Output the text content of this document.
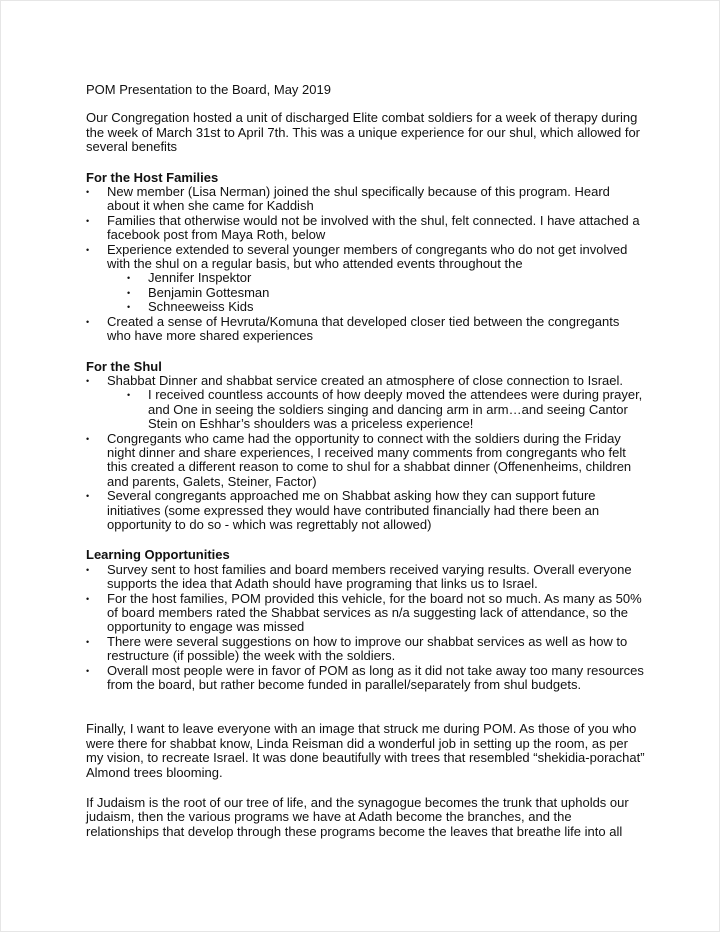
POM Presentation to the Board, May 2019

Our Congregation hosted a unit of discharged Elite combat soldiers for a week of therapy during the week of March 31st to April 7th. This was a unique experience for our shul, which allowed for several benefits

For the Host Families

• New member (Lisa Nerman) joined the shul specifically because of this program. Heard about it when she came for Kaddish
• Families that otherwise would not be involved with the shul, felt connected. I have attached a facebook post from Maya Roth, below
• Experience extended to several younger members of congregants who do not get involved with the shul on a regular basis, but who attended events throughout the
• Jennifer Inspektor
• Benjamin Gottesman
• Schneeweiss Kids
• Created a sense of Hevruta/Komuna that developed closer tied between the congregants who have more shared experiences

For the Shul

• Shabbat Dinner and shabbat service created an atmosphere of close connection to Israel.
• I received countless accounts of how deeply moved the attendees were during prayer, and One in seeing the soldiers singing and dancing arm in arm…and seeing Cantor Stein on Eshhar’s shoulders was a priceless experience!
• Congregants who came had the opportunity to connect with the soldiers during the Friday night dinner and share experiences, I received many comments from congregants who felt this created a different reason to come to shul for a shabbat dinner (Offenenheims, children and parents, Galets, Steiner, Factor)
• Several congregants approached me on Shabbat asking how they can support future initiatives (some expressed they would have contributed financially had there been an opportunity to do so - which was regrettably not allowed)

Learning Opportunities

• Survey sent to host families and board members received varying results. Overall everyone supports the idea that Adath should have programing that links us to Israel.
• For the host families, POM provided this vehicle, for the board not so much. As many as 50% of board members rated the Shabbat services as n/a suggesting lack of attendance, so the opportunity to engage was missed
• There were several suggestions on how to improve our shabbat services as well as how to restructure (if possible) the week with the soldiers.
• Overall most people were in favor of POM as long as it did not take away too many resources from the board, but rather become funded in parallel/separately from shul budgets.

Finally, I want to leave everyone with an image that struck me during POM. As those of you who were there for shabbat know, Linda Reisman did a wonderful job in setting up the room, as per my vision, to recreate Israel. It was done beautifully with trees that resembled “shekidia-porachat” Almond trees blooming.

If Judaism is the root of our tree of life, and the synagogue becomes the trunk that upholds our judaism, then the various programs we have at Adath become the branches, and the relationships that develop through these programs become the leaves that breathe life into all
